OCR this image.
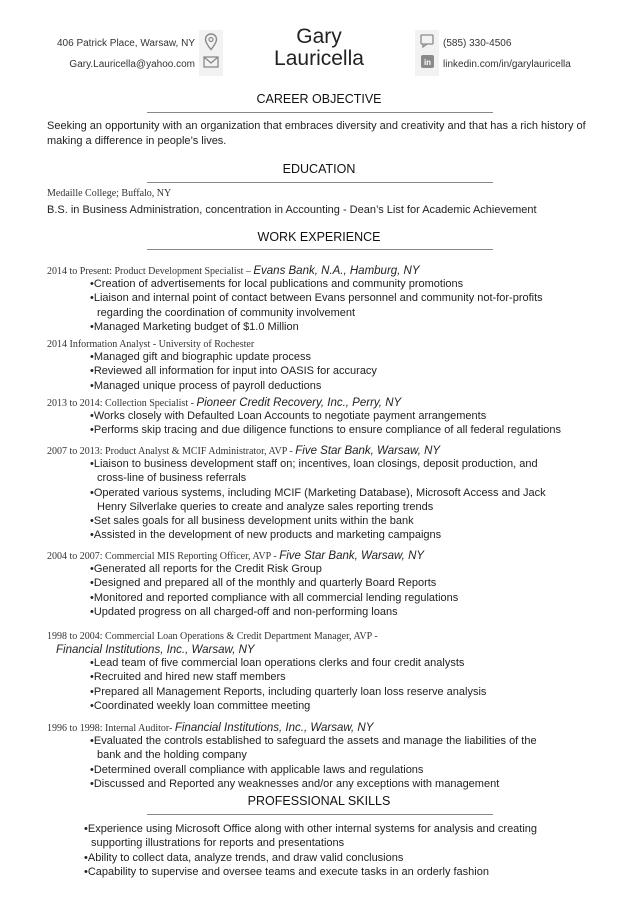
406 Patrick Place, Warsaw, NY
Gary.Lauricella@yahoo.com
Gary
Lauricella	in
(585) 330-4506
linkedin.com/in/garylauricella
CAREER OBJECTIVE
Seeking an opportunity with an organization that embraces diversity and creativity and that has a rich history of making a difference in people’s lives.
EDUCATION
Medaille College; Buffalo, NY
B.S. in Business Administration, concentration in Accounting - Dean’s List for Academic Achievement
WORK EXPERIENCE
2014 to Present: Product Development Specialist – Evans Bank, N.A., Hamburg, NY
• Creation of advertisements for local publications and community promotions
• Liaison and internal point of contact between Evans personnel and community not-for-profits regarding the coordination of community involvement
• Managed Marketing budget of $1.0 Million
2014 Information Analyst - University of Rochester
• Managed gift and biographic update process
• Reviewed all information for input into OASIS for accuracy
• Managed unique process of payroll deductions
2013 to 2014: Collection Specialist - Pioneer Credit Recovery, Inc., Perry, NY
• Works closely with Defaulted Loan Accounts to negotiate payment arrangements
• Performs skip tracing and due diligence functions to ensure compliance of all federal regulations
2007 to 2013: Product Analyst & MCIF Administrator, AVP - Five Star Bank, Warsaw, NY
• Liaison to business development staff on; incentives, loan closings, deposit production, and cross-line of business referrals
• Operated various systems, including MCIF (Marketing Database), Microsoft Access and Jack Henry Silverlake queries to create and analyze sales reporting trends
• Set sales goals for all business development units within the bank
• Assisted in the development of new products and marketing campaigns
2004 to 2007: Commercial MIS Reporting Officer, AVP - Five Star Bank, Warsaw, NY
• Generated all reports for the Credit Risk Group
• Designed and prepared all of the monthly and quarterly Board Reports
• Monitored and reported compliance with all commercial lending regulations
• Updated progress on all charged-off and non-performing loans
1998 to 2004: Commercial Loan Operations & Credit Department Manager, AVP -
Financial Institutions, Inc., Warsaw, NY
• Lead team of five commercial loan operations clerks and four credit analysts
• Recruited and hired new staff members
• Prepared all Management Reports, including quarterly loan loss reserve analysis
• Coordinated weekly loan committee meeting
1996 to 1998: Internal Auditor- Financial Institutions, Inc., Warsaw, NY
• Evaluated the controls established to safeguard the assets and manage the liabilities of the bank and the holding company
• Determined overall compliance with applicable laws and regulations
• Discussed and Reported any weaknesses and/or any exceptions with management
PROFESSIONAL SKILLS
• Experience using Microsoft Office along with other internal systems for analysis and creating supporting illustrations for reports and presentations
• Ability to collect data, analyze trends, and draw valid conclusions
• Capability to supervise and oversee teams and execute tasks in an orderly fashion
